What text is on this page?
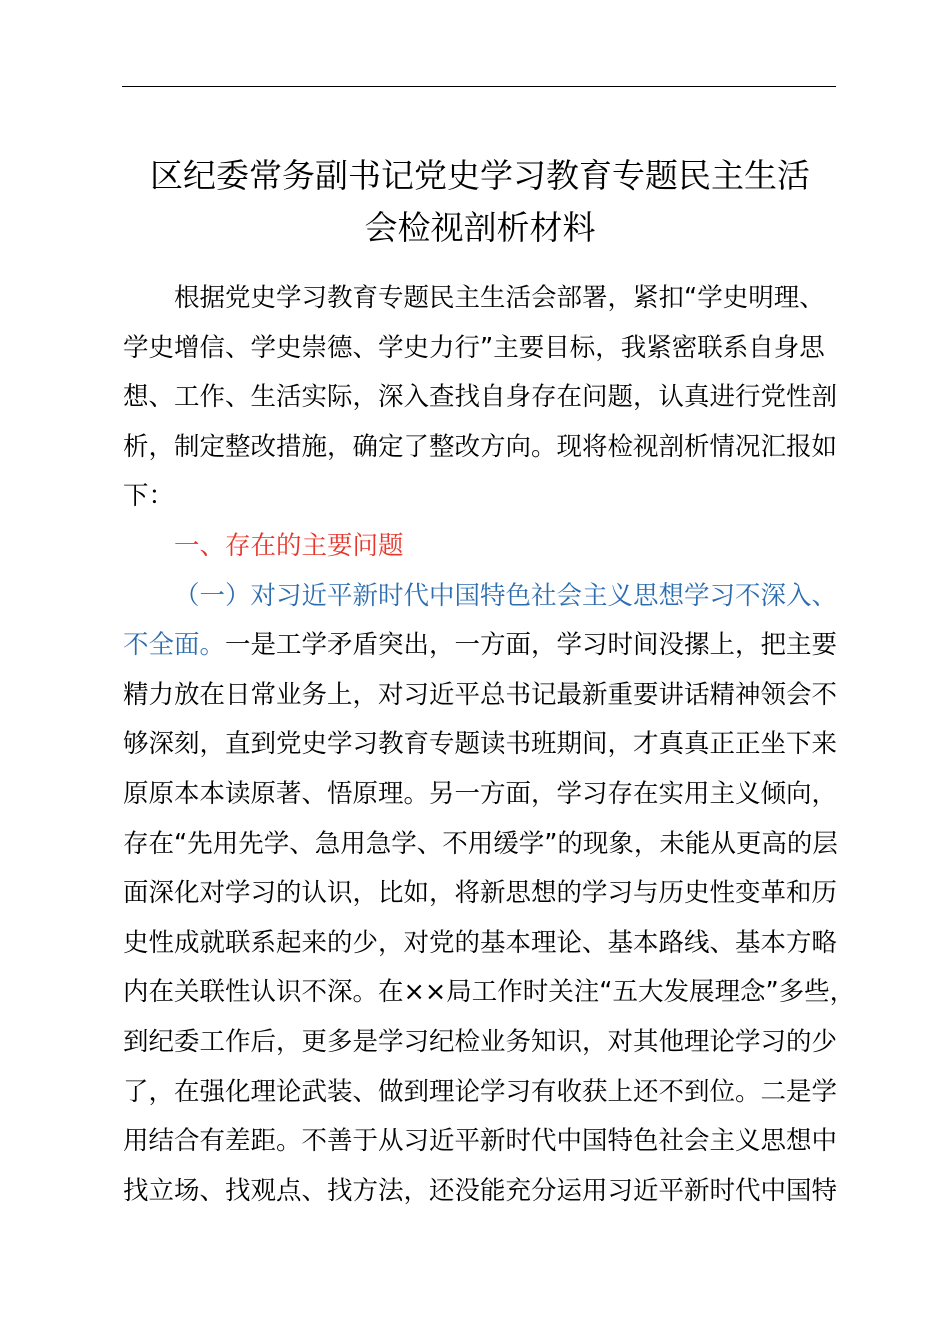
区纪委常务副书记党史学习教育专题民主生活
会检视剖析材料
根据党史学习教育专题民主生活会部署，紧扣“学史明理、
学史增信、学史崇德、学史力行”主要目标，我紧密联系自身思
想、工作、生活实际，深入查找自身存在问题，认真进行党性剖
析，制定整改措施，确定了整改方向。现将检视剖析情况汇报如
下：
一、存在的主要问题
（一）对习近平新时代中国特色社会主义思想学习不深入、
不全面。一是工学矛盾突出，一方面，学习时间没摞上，把主要
精力放在日常业务上，对习近平总书记最新重要讲话精神领会不
够深刻，直到党史学习教育专题读书班期间，才真真正正坐下来
原原本本读原著、悟原理。另一方面，学习存在实用主义倾向，
存在“先用先学、急用急学、不用缓学”的现象，未能从更高的层
面深化对学习的认识，比如，将新思想的学习与历史性变革和历
史性成就联系起来的少，对党的基本理论、基本路线、基本方略
内在关联性认识不深。在××局工作时关注“五大发展理念”多些，
到纪委工作后，更多是学习纪检业务知识，对其他理论学习的少
了，在强化理论武装、做到理论学习有收获上还不到位。二是学
用结合有差距。不善于从习近平新时代中国特色社会主义思想中
找立场、找观点、找方法，还没能充分运用习近平新时代中国特
